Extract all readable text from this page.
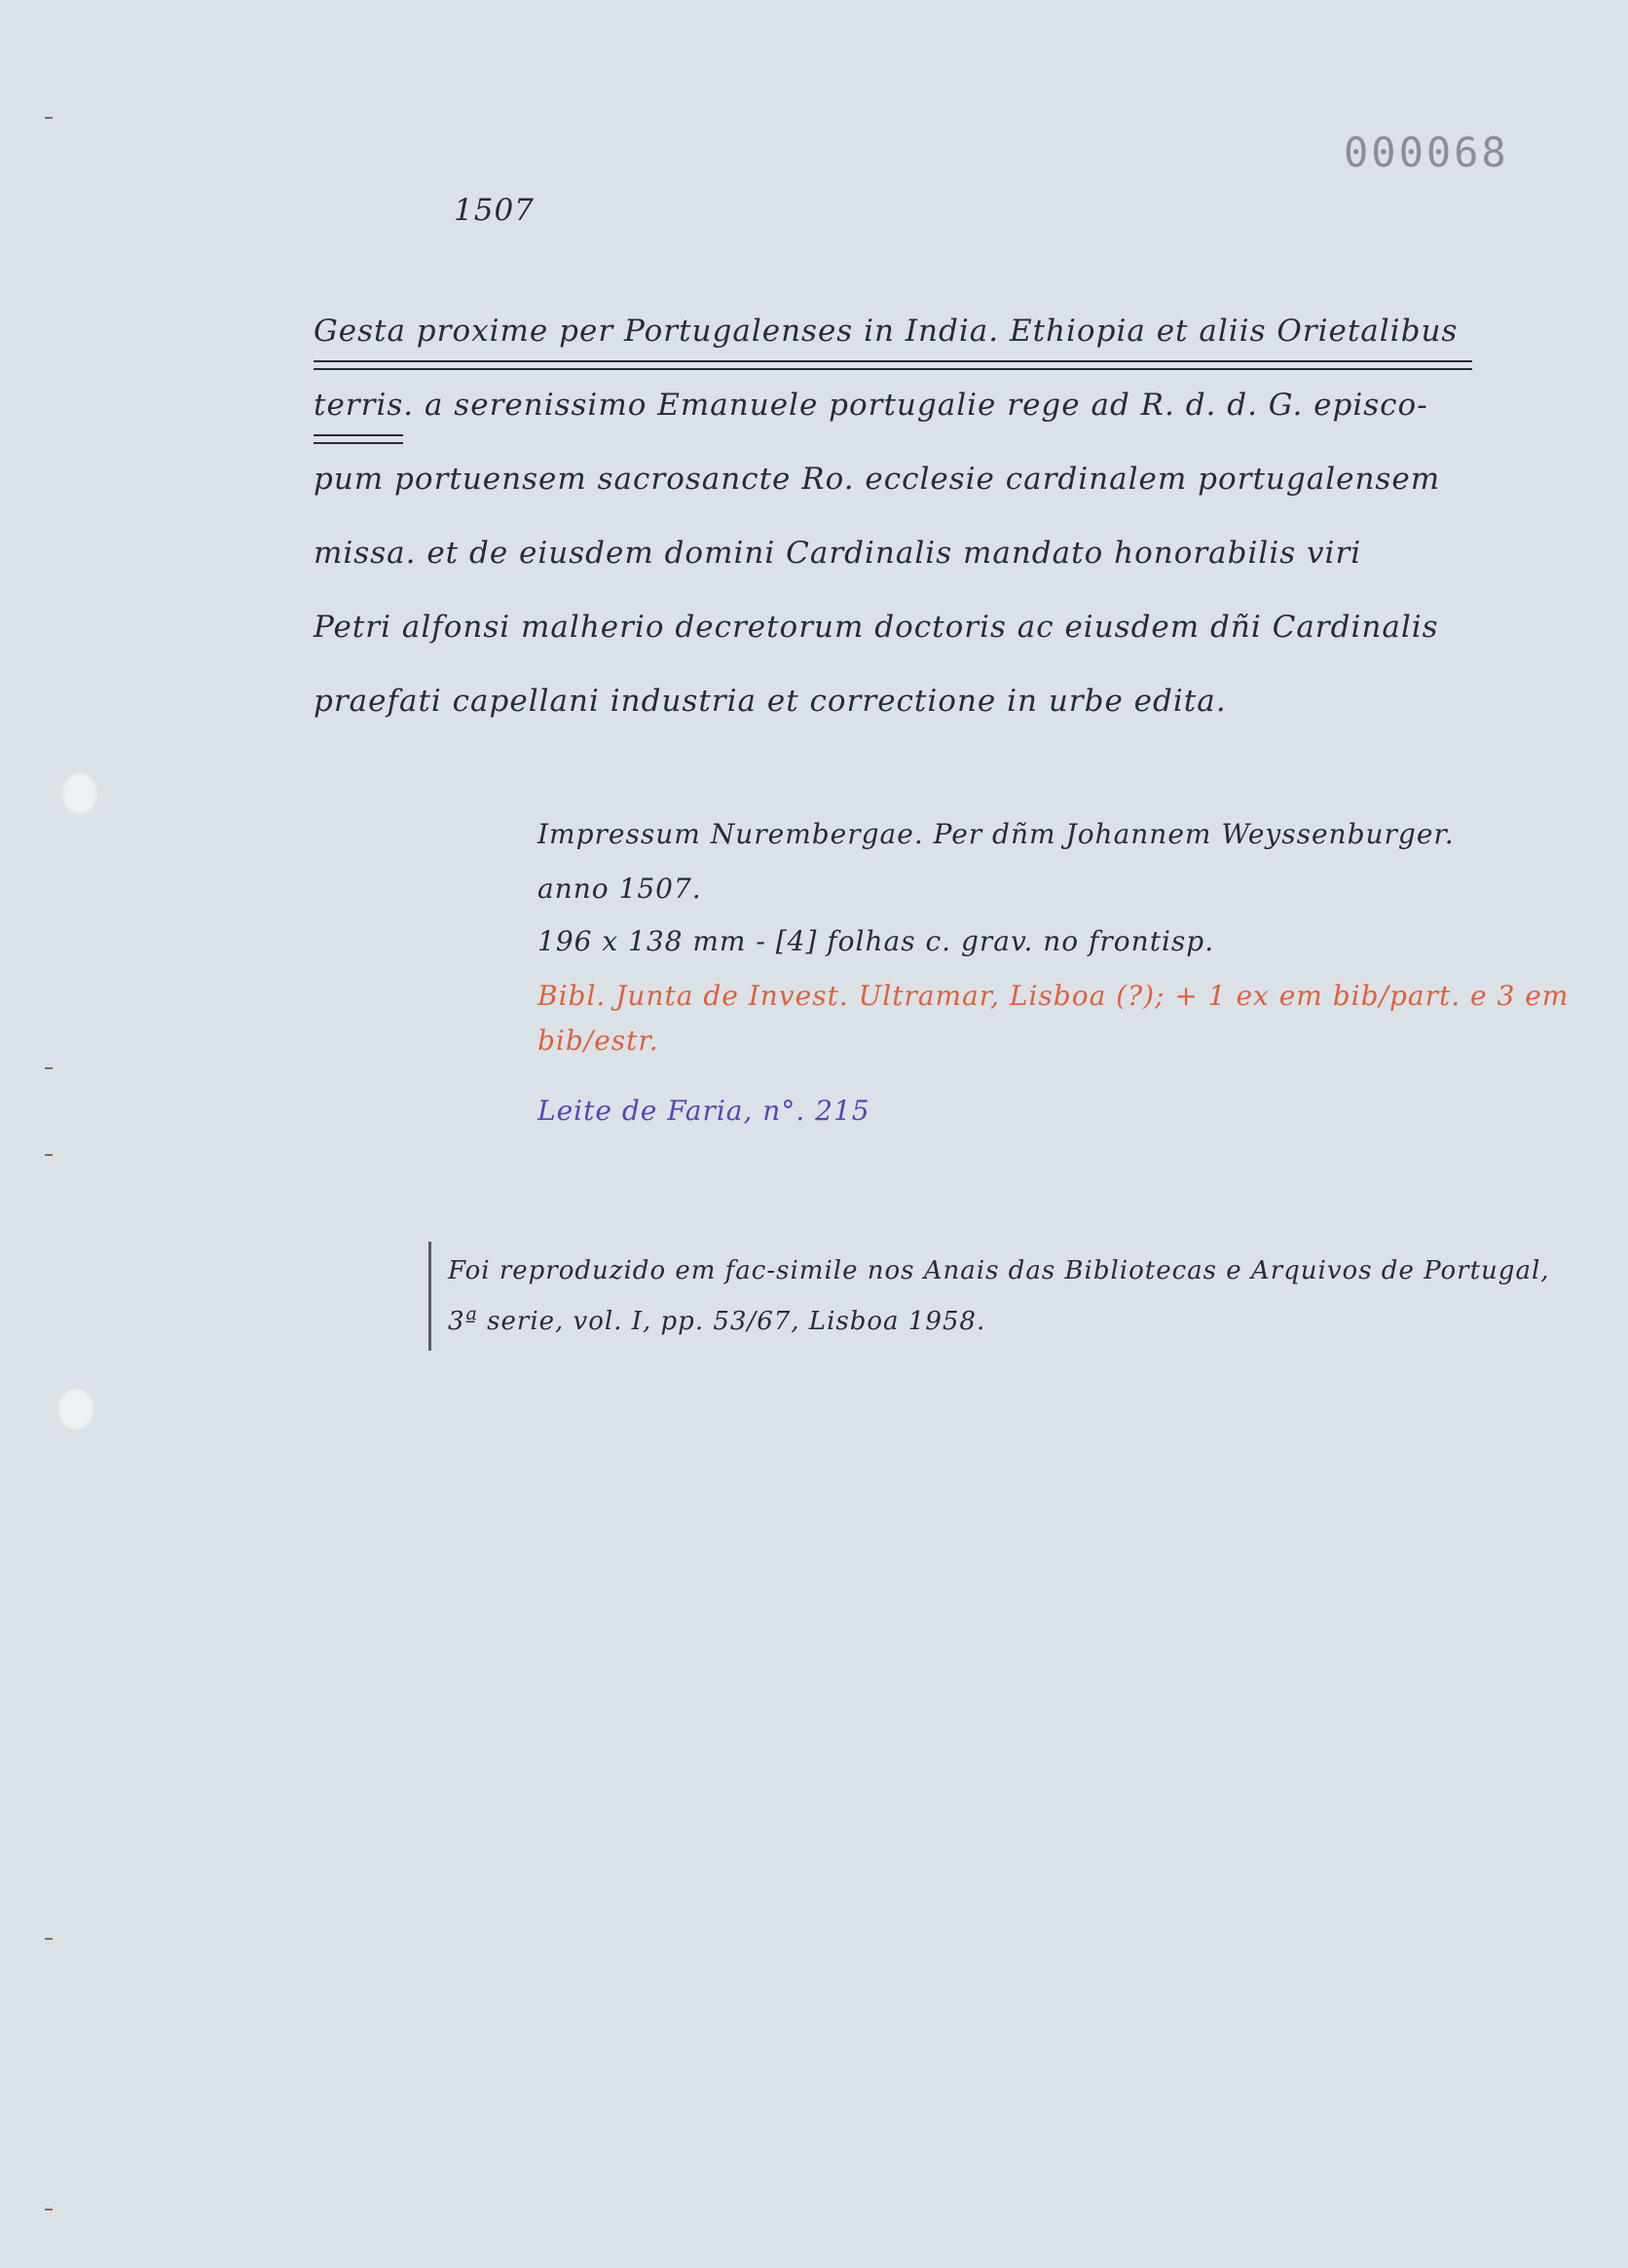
000068
1507
Gesta proxime per Portugalenses in India. Ethiopia et aliis Orietalibus
terris. a serenissimo Emanuele portugalie rege ad R. d. d. G. episco-
pum portuensem sacrosancte Ro. ecclesie cardinalem portugalensem
missa. et de eiusdem domini Cardinalis mandato honorabilis viri
Petri alfonsi malherio decretorum doctoris ac eiusdem dñi Cardinalis
praefati capellani industria et correctione in urbe edita.
Impressum Nurembergae. Per dñm Johannem Weyssenburger.
anno 1507.
196 x 138 mm - [4] folhas c. grav. no frontisp.
Bibl. Junta de Invest. Ultramar, Lisboa (?); + 1 ex em bib/part. e 3 em
bib/estr.
Leite de Faria, n°. 215
Foi reproduzido em fac-simile nos Anais das Bibliotecas e Arquivos de Portugal,
3ª serie, vol. I, pp. 53/67, Lisboa 1958.
